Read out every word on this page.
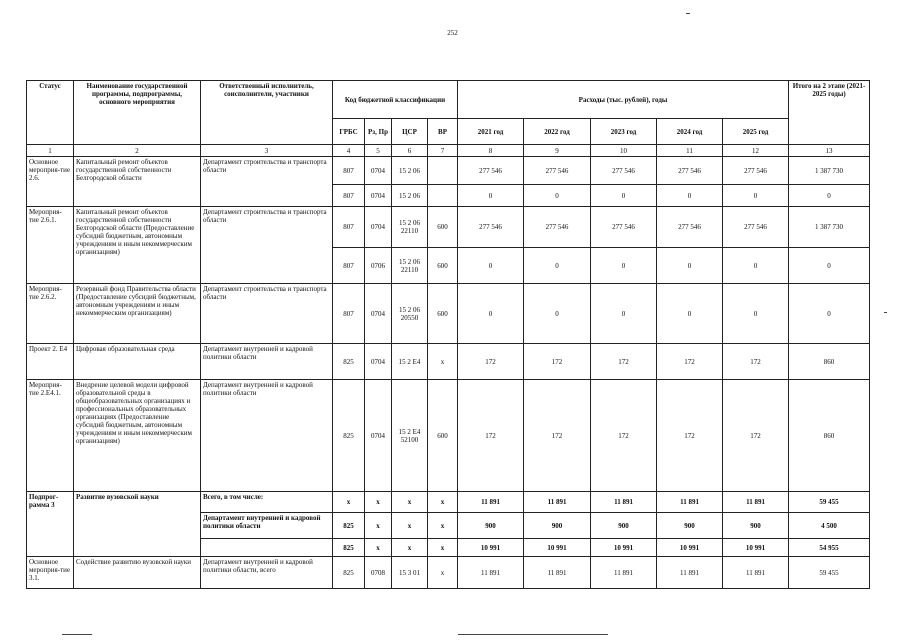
252
Статус	Наименование государственной программы, подпрограммы, основного мероприятия	Ответственный исполнитель, соисполнители, участники	Код бюджетной классификации				Расходы (тыс. рублей), годы					Итого на 2 этапе (2021-2025 годы)
			ГРБС	Рз, Пр	ЦСР	ВР	2021 год	2022 год	2023 год	2024 год	2025 год	
1	2	3	4	5	6	7	8	9	10	11	12	13
Основное мероприя-тие 2.6.	Капитальный ремонт объектов государственной собственности Белгородской области	Департамент строительства и транспорта области	807	0704	15 2 06		277 546	277 546	277 546	277 546	277 546	1 387 730
			807	0704	15 2 06		0	0	0	0	0	0
Мероприя-тие 2.6.1.	Капитальный ремонт объектов государственной собственности Белгородской области (Предоставление субсидий бюджетным, автономным учреждениям и иным некоммерческим организациям)	Департамент строительства и транспорта области	807	0704	15 2 06 22110	600	277 546	277 546	277 546	277 546	277 546	1 387 730
			807	0706	15 2 06 22110	600	0	0	0	0	0	0
Мероприя-тие 2.6.2.	Резервный фонд Правительства области (Предоставление субсидий бюджетным, автономным учреждениям и иным некоммерческим организациям)	Департамент строительства и транспорта области	807	0704	15 2 06 20550	600	0	0	0	0	0	0
Проект 2. Е4	Цифровая образовательная среда	Департамент внутренней и кадровой политики области	825	0704	15 2 Е4	х	172	172	172	172	172	860
Мероприя-тие 2.Е4.1.	Внедрение целевой модели цифровой образовательной среды в общеобразовательных организациях и профессиональных образовательных организациях (Предоставление субсидий бюджетным, автономным учреждениям и иным некоммерческим организациям)	Департамент внутренней и кадровой политики области	825	0704	15 2 Е4 52100	600	172	172	172	172	172	860
Подпрог-рамма 3	Развитие вузовской науки	Всего, в том числе:	х	х	х	х	11 891	11 891	11 891	11 891	11 891	59 455
		Департамент внутренней и кадровой политики области	825	х	х	х	900	900	900	900	900	4 500
			825	х	х	х	10 991	10 991	10 991	10 991	10 991	54 955
Основное мероприя-тие 3.1.	Содействие развитию вузовской науки	Департамент внутренней и кадровой политики области, всего	825	0708	15 3 01	х	11 891	11 891	11 891	11 891	11 891	59 455
